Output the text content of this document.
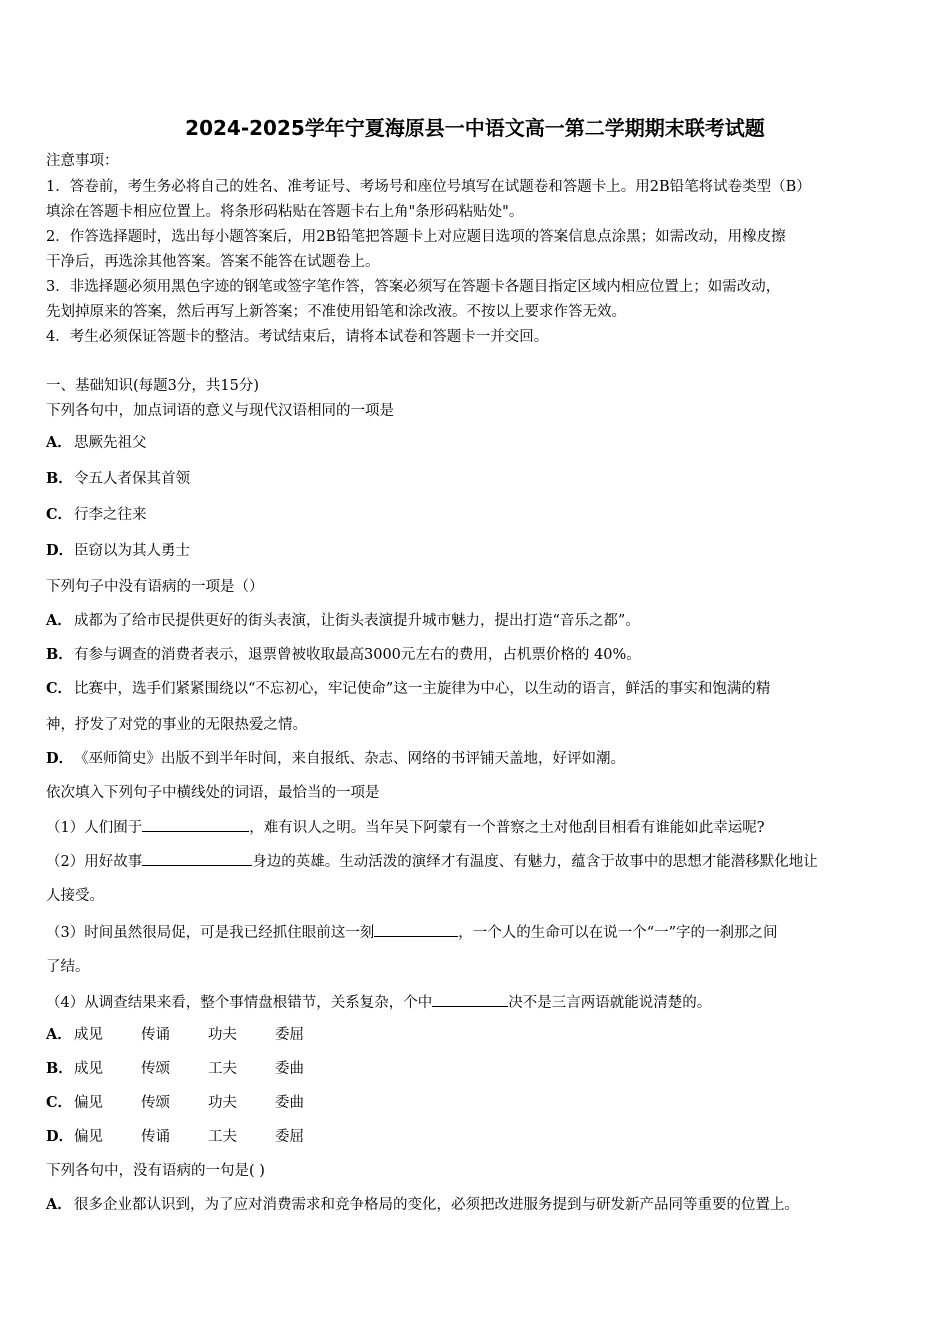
2024-2025学年宁夏海原县一中语文高一第二学期期末联考试题
注意事项：
1．答卷前，考生务必将自己的姓名、准考证号、考场号和座位号填写在试题卷和答题卡上。用2B铅笔将试卷类型（B）
填涂在答题卡相应位置上。将条形码粘贴在答题卡右上角"条形码粘贴处"。
2．作答选择题时，选出每小题答案后，用2B铅笔把答题卡上对应题目选项的答案信息点涂黑；如需改动，用橡皮擦
干净后，再选涂其他答案。答案不能答在试题卷上。
3．非选择题必须用黑色字迹的钢笔或签字笔作答，答案必须写在答题卡各题目指定区域内相应位置上；如需改动，
先划掉原来的答案，然后再写上新答案；不准使用铅笔和涂改液。不按以上要求作答无效。
4．考生必须保证答题卡的整洁。考试结束后，请将本试卷和答题卡一并交回。
一、基础知识(每题3分，共15分)
下列各句中，加点词语的意义与现代汉语相同的一项是
A． 思厥先祖父
B．令五人者保其首领
C． 行李之往来
D．臣窃以为其人勇士
下列句子中没有语病的一项是（）
A． 成都为了给市民提供更好的街头表演，让街头表演提升城市魅力，提出打造“音乐之都”。
B．有参与调查的消费者表示，退票曾被收取最高3000元左右的费用，占机票价格的 40%。
C． 比赛中，选手们紧紧围绕以“不忘初心，牢记使命”这一主旋律为中心，以生动的语言，鲜活的事实和饱满的精
神，抒发了对党的事业的无限热爱之情。
D．《巫师简史》出版不到半年时间，来自报纸、杂志、网络的书评铺天盖地，好评如潮。
依次填入下列句子中横线处的词语，最恰当的一项是
（1）人们囿于	，难有识人之明。当年吴下阿蒙有一个普察之土对他刮目相看有谁能如此幸运呢?
（2）用好故事	身边的英雄。生动活泼的演绎才有温度、有魅力，蕴含于故事中的思想才能潜移默化地让
人接受。
（3）时间虽然很局促，可是我已经抓住眼前这一刻	，一个人的生命可以在说一个“一”字的一刹那之间
了结。
（4）从调查结果来看，整个事情盘根错节，关系复杂，个中	决不是三言两语就能说清楚的。
A． 成见	传诵	功夫	委屈
B．成见	传颂	工夫	委曲
C． 偏见	传颂	功夫	委曲
D．偏见	传诵	工夫	委屈
下列各句中，没有语病的一句是( )
A． 很多企业都认识到，为了应对消费需求和竞争格局的变化，必须把改进服务提到与研发新产品同等重要的位置上。
